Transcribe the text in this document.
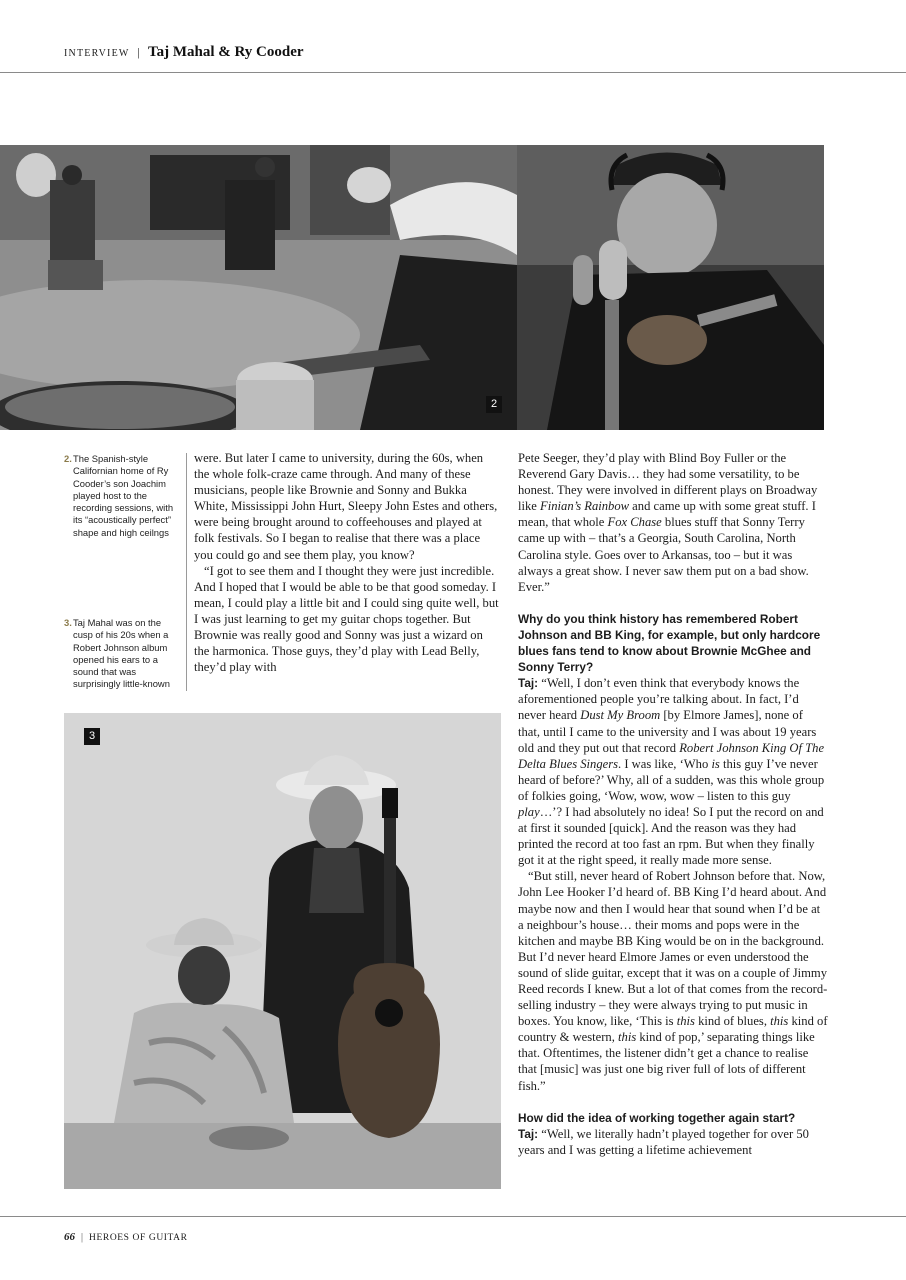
INTERVIEW | Taj Mahal & Ry Cooder
2
2. The Spanish-style Californian home of Ry Cooder’s son Joachim played host to the recording sessions, with its “acoustically perfect” shape and high ceilngs
3. Taj Mahal was on the cusp of his 20s when a Robert Johnson album opened his ears to a sound that was surprisingly little-known

were. But later I came to university, during the 60s, when the whole folk-craze came through. And many of these musicians, people like Brownie and Sonny and Bukka White, Mississippi John Hurt, Sleepy John Estes and others, were being brought around to coffeehouses and played at folk festivals. So I began to realise that there was a place you could go and see them play, you know?

“I got to see them and I thought they were just incredible. And I hoped that I would be able to be that good someday. I mean, I could play a little bit and I could sing quite well, but I was just learning to get my guitar chops together. But Brownie was really good and Sonny was just a wizard on the harmonica. Those guys, they’d play with Lead Belly, they’d play with

3

Pete Seeger, they’d play with Blind Boy Fuller or the Reverend Gary Davis… they had some versatility, to be honest. They were involved in different plays on Broadway like Finian’s Rainbow and came up with some great stuff. I mean, that whole Fox Chase blues stuff that Sonny Terry came up with – that’s a Georgia, South Carolina, North Carolina style. Goes over to Arkansas, too – but it was always a great show. I never saw them put on a bad show. Ever.”

Why do you think history has remembered Robert Johnson and BB King, for example, but only hardcore blues fans tend to know about Brownie McGhee and Sonny Terry?

Taj: “Well, I don’t even think that everybody knows the aforementioned people you’re talking about. In fact, I’d never heard Dust My Broom [by Elmore James], none of that, until I came to the university and I was about 19 years old and they put out that record Robert Johnson King Of The Delta Blues Singers. I was like, ‘Who is this guy I’ve never heard of before?’ Why, all of a sudden, was this whole group of folkies going, ‘Wow, wow, wow – listen to this guy play…’? I had absolutely no idea! So I put the record on and at first it sounded [quick]. And the reason was they had printed the record at too fast an rpm. But when they finally got it at the right speed, it really made more sense.

“But still, never heard of Robert Johnson before that. Now, John Lee Hooker I’d heard of. BB King I’d heard about. And maybe now and then I would hear that sound when I’d be at a neighbour’s house… their moms and pops were in the kitchen and maybe BB King would be on in the background. But I’d never heard Elmore James or even understood the sound of slide guitar, except that it was on a couple of Jimmy Reed records I knew. But a lot of that comes from the record-selling industry – they were always trying to put music in boxes. You know, like, ‘This is this kind of blues, this kind of country & western, this kind of pop,’ separating things like that. Oftentimes, the listener didn’t get a chance to realise that [music] was just one big river full of lots of different fish.”

How did the idea of working together again start?

Taj: “Well, we literally hadn’t played together for over 50 years and I was getting a lifetime achievement

66 | HEROES OF GUITAR
